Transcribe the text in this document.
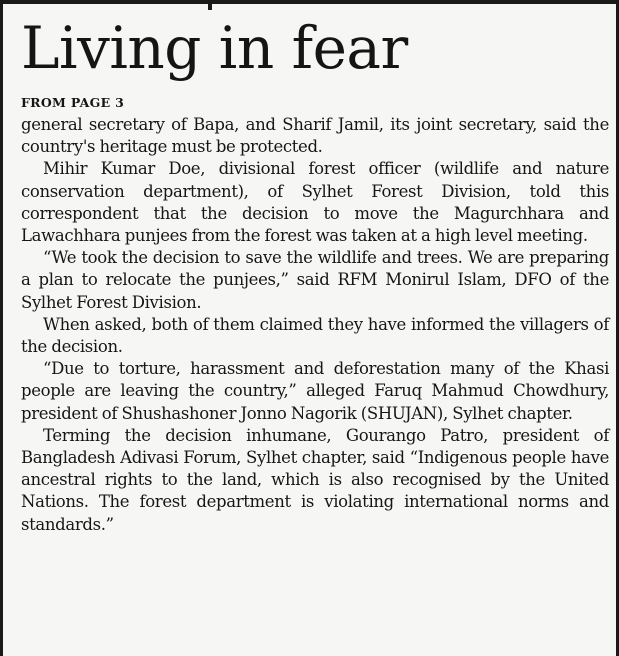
Living in fear
FROM PAGE 3

general secretary of Bapa, and Sharif Jamil, its joint secretary, said the country's heritage must be protected.

Mihir Kumar Doe, divisional forest officer (wildlife and nature conservation department), of Sylhet Forest Division, told this correspondent that the decision to move the Magurchhara and Lawachhara punjees from the forest was taken at a high level meeting.

“We took the decision to save the wildlife and trees. We are preparing a plan to relocate the punjees,” said RFM Monirul Islam, DFO of the Sylhet Forest Division.

When asked, both of them claimed they have informed the villagers of the decision.

“Due to torture, harassment and deforestation many of the Khasi people are leaving the country,” alleged Faruq Mahmud Chowdhury, president of Shushashoner Jonno Nagorik (SHUJAN), Sylhet chapter.

Terming the decision inhumane, Gourango Patro, president of Bangladesh Adivasi Forum, Sylhet chapter, said “Indigenous people have ancestral rights to the land, which is also recognised by the United Nations. The forest department is violating international norms and standards.”
